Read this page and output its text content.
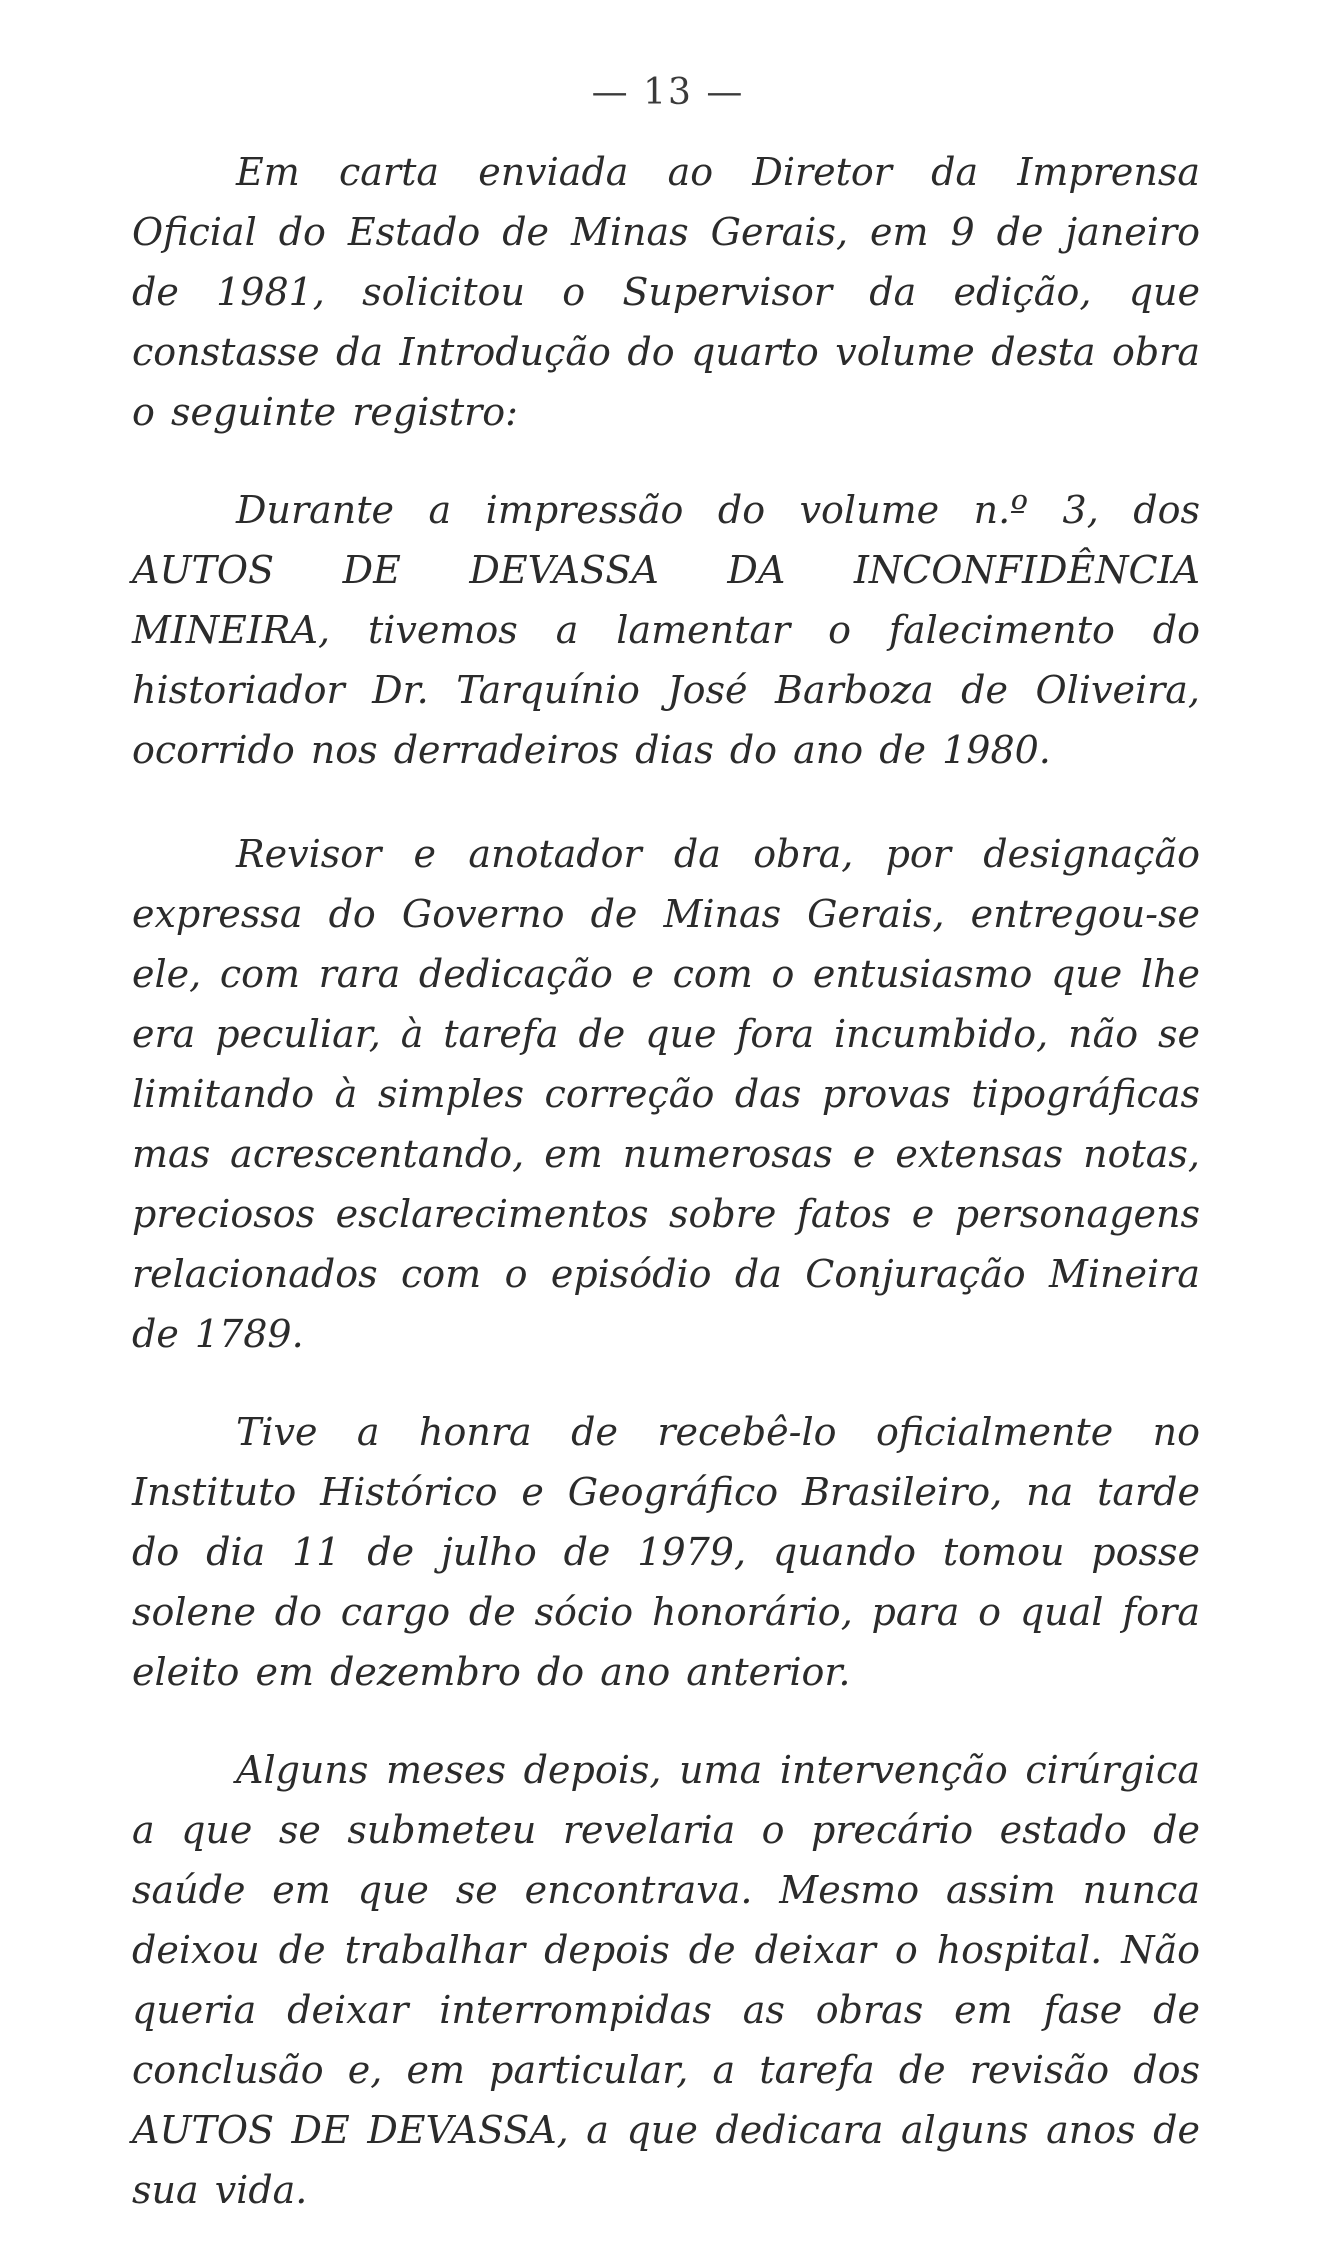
— 13 —

Em carta enviada ao Diretor da Imprensa Oficial do Estado de Minas Gerais, em 9 de janeiro de 1981, solicitou o Supervisor da edição, que constasse da Introdução do quarto volume desta obra o seguinte registro:

Durante a impressão do volume n.º 3, dos AUTOS DE DEVASSA DA INCONFIDÊNCIA MINEIRA, tivemos a lamentar o falecimento do historiador Dr. Tarquínio José Barboza de Oliveira, ocorrido nos derradeiros dias do ano de 1980.

Revisor e anotador da obra, por designação expressa do Governo de Minas Gerais, entregou-se ele, com rara dedicação e com o entusiasmo que lhe era peculiar, à tarefa de que fora incumbido, não se limitando à simples correção das provas tipográficas mas acrescentando, em numerosas e extensas notas, preciosos esclarecimentos sobre fatos e personagens relacionados com o episódio da Conjuração Mineira de 1789.

Tive a honra de recebê-lo oficialmente no Instituto Histórico e Geográfico Brasileiro, na tarde do dia 11 de julho de 1979, quando tomou posse solene do cargo de sócio honorário, para o qual fora eleito em dezembro do ano anterior.

Alguns meses depois, uma intervenção cirúrgica a que se submeteu revelaria o precário estado de saúde em que se encontrava. Mesmo assim nunca deixou de trabalhar depois de deixar o hospital. Não queria deixar interrompidas as obras em fase de conclusão e, em particular, a tarefa de revisão dos AUTOS DE DEVASSA, a que dedicara alguns anos de sua vida.
